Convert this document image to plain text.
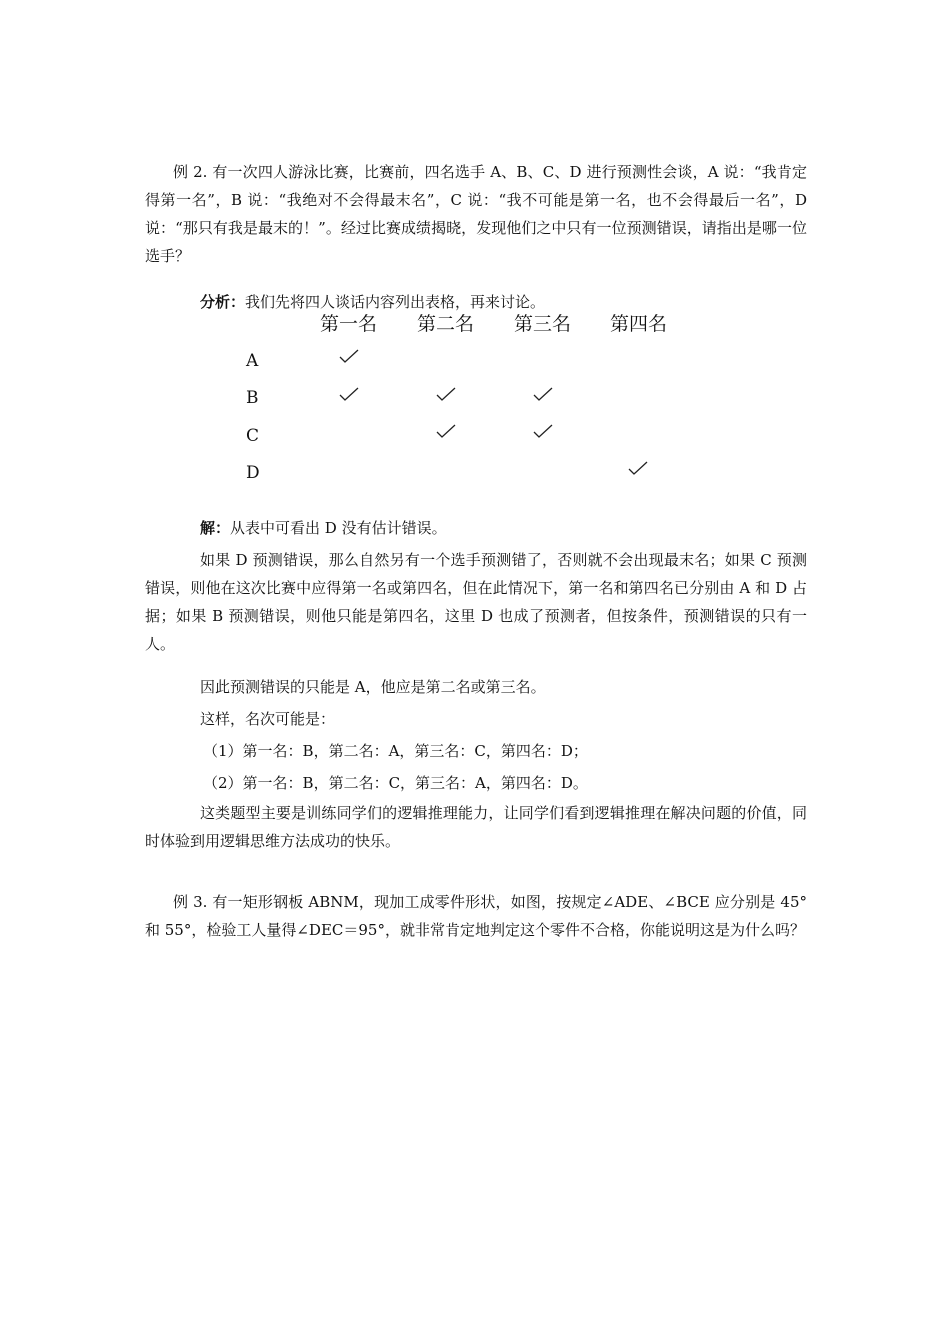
例 2. 有一次四人游泳比赛，比赛前，四名选手 A、B、C、D 进行预测性会谈，A 说：“我肯定得第一名”，B 说：“我绝对不会得最末名”，C 说：“我不可能是第一名，也不会得最后一名”，D 说：“那只有我是最末的！”。经过比赛成绩揭晓，发现他们之中只有一位预测错误，请指出是哪一位选手？

分析：我们先将四人谈话内容列出表格，再来讨论。

第一名 第二名 第三名 第四名
A
B
C
D

解：从表中可看出 D 没有估计错误。

如果 D 预测错误，那么自然另有一个选手预测错了，否则就不会出现最末名；如果 C 预测错误，则他在这次比赛中应得第一名或第四名，但在此情况下，第一名和第四名已分别由 A 和 D 占据；如果 B 预测错误，则他只能是第四名，这里 D 也成了预测者，但按条件，预测错误的只有一人。

因此预测错误的只能是 A，他应是第二名或第三名。

这样，名次可能是：

（1）第一名：B，第二名：A，第三名：C，第四名：D；

（2）第一名：B，第二名：C，第三名：A，第四名：D。

这类题型主要是训练同学们的逻辑推理能力，让同学们看到逻辑推理在解决问题的价值，同时体验到用逻辑思维方法成功的快乐。

例 3. 有一矩形钢板 ABNM，现加工成零件形状，如图，按规定∠ADE、∠BCE 应分别是 45° 和 55°，检验工人量得∠DEC＝95°，就非常肯定地判定这个零件不合格，你能说明这是为什么吗？
